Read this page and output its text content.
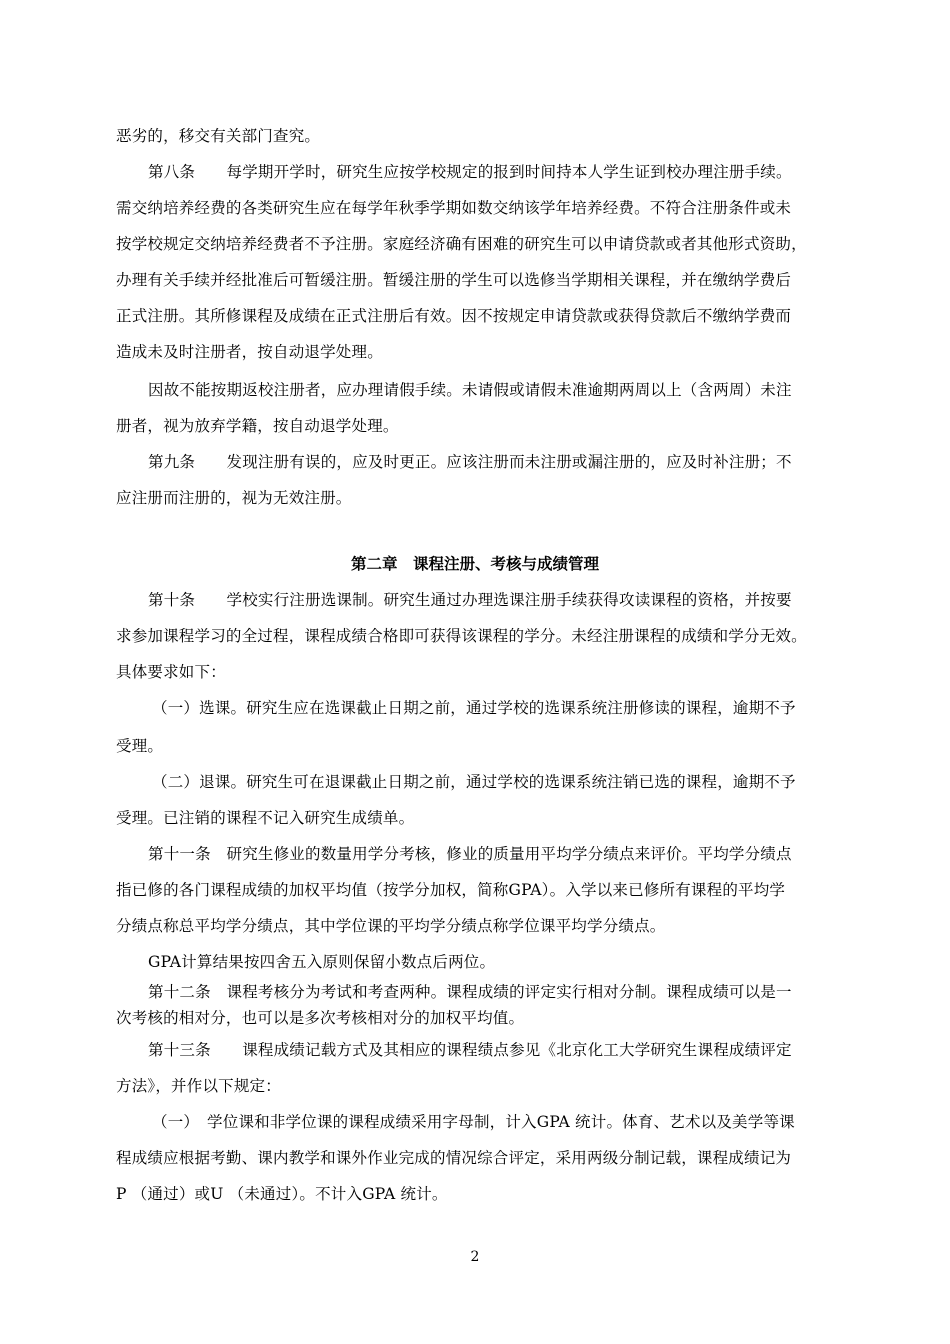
恶劣的，移交有关部门查究。
第八条　　每学期开学时，研究生应按学校规定的报到时间持本人学生证到校办理注册手续。
需交纳培养经费的各类研究生应在每学年秋季学期如数交纳该学年培养经费。不符合注册条件或未
按学校规定交纳培养经费者不予注册。家庭经济确有困难的研究生可以申请贷款或者其他形式资助，
办理有关手续并经批准后可暂缓注册。暂缓注册的学生可以选修当学期相关课程，并在缴纳学费后
正式注册。其所修课程及成绩在正式注册后有效。因不按规定申请贷款或获得贷款后不缴纳学费而
造成未及时注册者，按自动退学处理。
因故不能按期返校注册者，应办理请假手续。未请假或请假未准逾期两周以上（含两周）未注
册者，视为放弃学籍，按自动退学处理。
第九条　　发现注册有误的，应及时更正。应该注册而未注册或漏注册的，应及时补注册；不
应注册而注册的，视为无效注册。
第二章　课程注册、考核与成绩管理
第十条　　学校实行注册选课制。研究生通过办理选课注册手续获得攻读课程的资格，并按要
求参加课程学习的全过程，课程成绩合格即可获得该课程的学分。未经注册课程的成绩和学分无效。
具体要求如下：
（一）选课。研究生应在选课截止日期之前，通过学校的选课系统注册修读的课程，逾期不予
受理。
（二）退课。研究生可在退课截止日期之前，通过学校的选课系统注销已选的课程，逾期不予
受理。已注销的课程不记入研究生成绩单。
第十一条　研究生修业的数量用学分考核，修业的质量用平均学分绩点来评价。平均学分绩点
指已修的各门课程成绩的加权平均值（按学分加权，简称GPA）。入学以来已修所有课程的平均学
分绩点称总平均学分绩点，其中学位课的平均学分绩点称学位课平均学分绩点。
GPA计算结果按四舍五入原则保留小数点后两位。
第十二条　课程考核分为考试和考查两种。课程成绩的评定实行相对分制。课程成绩可以是一
次考核的相对分，也可以是多次考核相对分的加权平均值。
第十三条　　课程成绩记载方式及其相应的课程绩点参见《北京化工大学研究生课程成绩评定
方法》，并作以下规定：
（一）　学位课和非学位课的课程成绩采用字母制，计入GPA 统计。体育、艺术以及美学等课
程成绩应根据考勤、课内教学和课外作业完成的情况综合评定，采用两级分制记载，课程成绩记为
P （通过）或U （未通过）。不计入GPA 统计。
2
